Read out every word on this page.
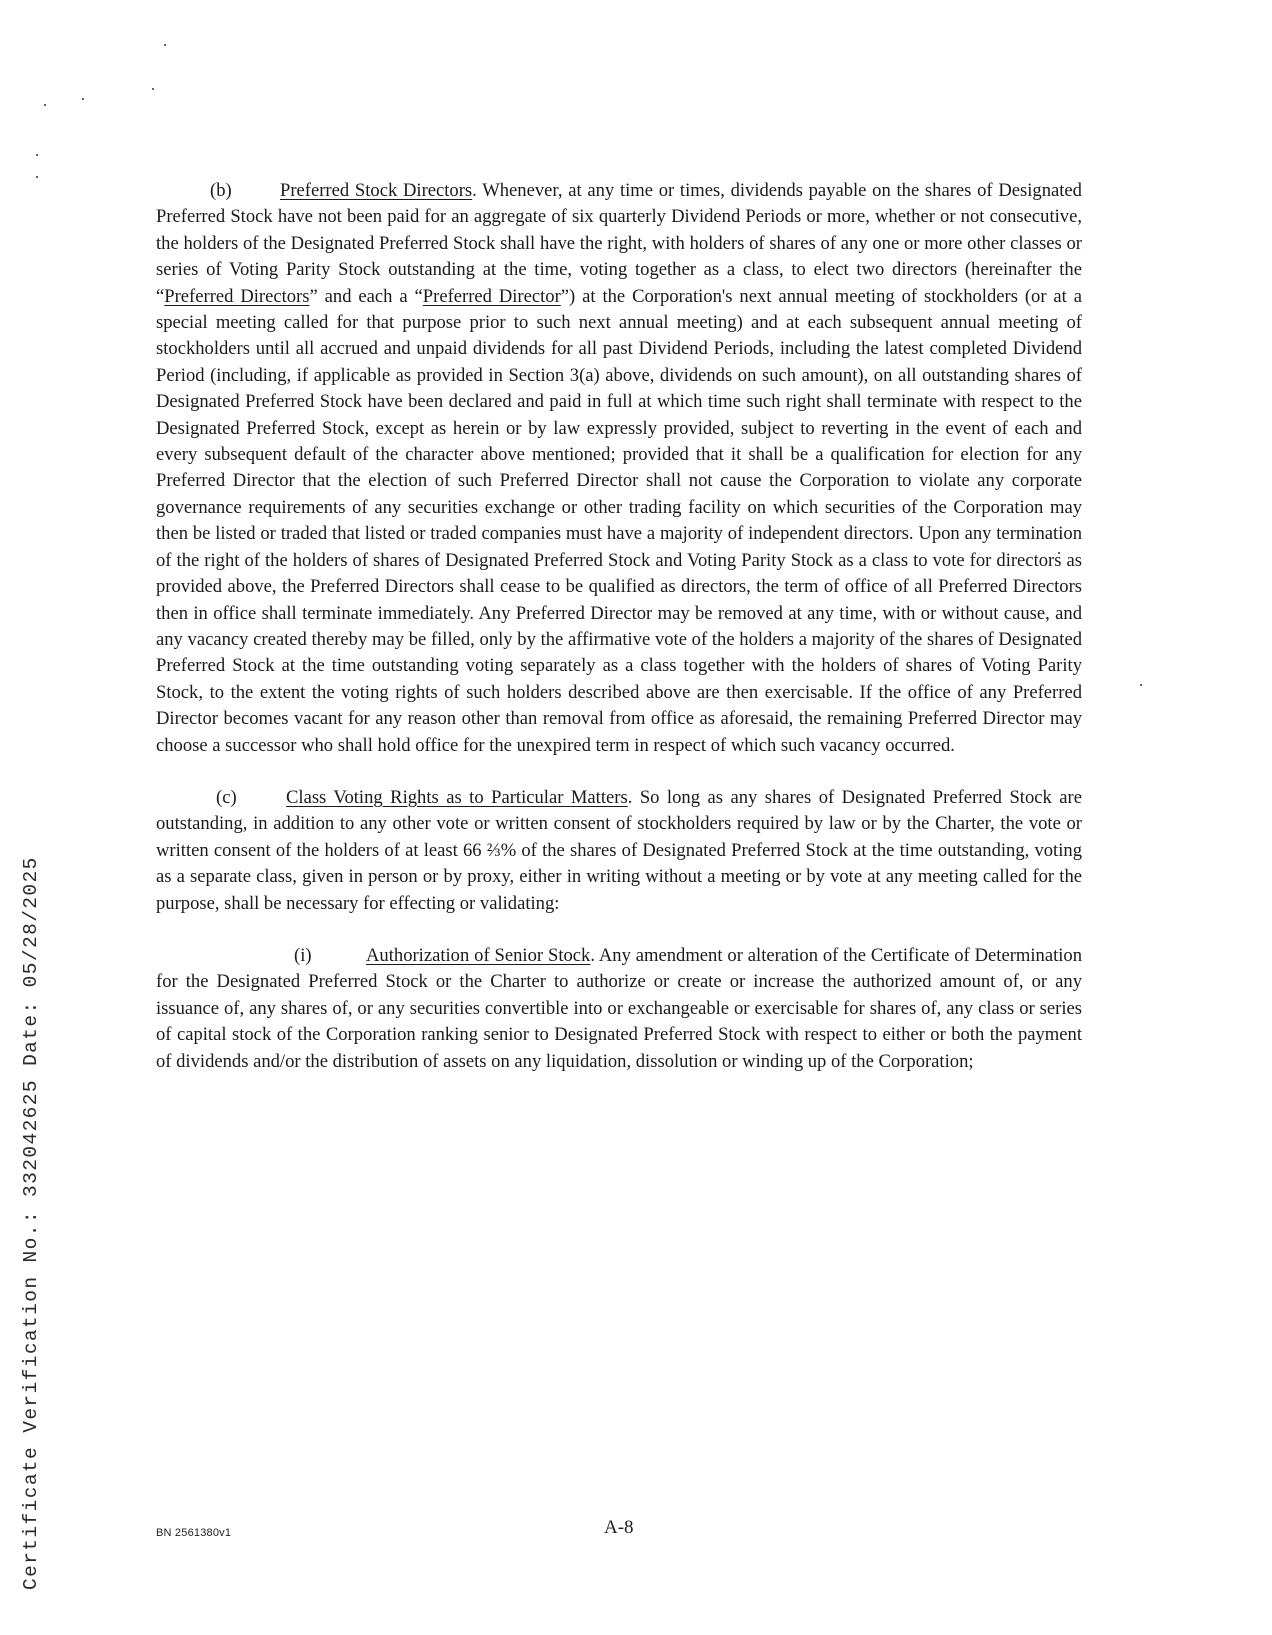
Certificate Verification No.: 332042625 Date: 05/28/2025

(b)	Preferred Stock Directors. Whenever, at any time or times, dividends payable on the shares of Designated Preferred Stock have not been paid for an aggregate of six quarterly Dividend Periods or more, whether or not consecutive, the holders of the Designated Preferred Stock shall have the right, with holders of shares of any one or more other classes or series of Voting Parity Stock outstanding at the time, voting together as a class, to elect two directors (hereinafter the “Preferred Directors” and each a “Preferred Director”) at the Corporation's next annual meeting of stockholders (or at a special meeting called for that purpose prior to such next annual meeting) and at each subsequent annual meeting of stockholders until all accrued and unpaid dividends for all past Dividend Periods, including the latest completed Dividend Period (including, if applicable as provided in Section 3(a) above, dividends on such amount), on all outstanding shares of Designated Preferred Stock have been declared and paid in full at which time such right shall terminate with respect to the Designated Preferred Stock, except as herein or by law expressly provided, subject to reverting in the event of each and every subsequent default of the character above mentioned; provided that it shall be a qualification for election for any Preferred Director that the election of such Preferred Director shall not cause the Corporation to violate any corporate governance requirements of any securities exchange or other trading facility on which securities of the Corporation may then be listed or traded that listed or traded companies must have a majority of independent directors. Upon any termination of the right of the holders of shares of Designated Preferred Stock and Voting Parity Stock as a class to vote for directors as provided above, the Preferred Directors shall cease to be qualified as directors, the term of office of all Preferred Directors then in office shall terminate immediately. Any Preferred Director may be removed at any time, with or without cause, and any vacancy created thereby may be filled, only by the affirmative vote of the holders a majority of the shares of Designated Preferred Stock at the time outstanding voting separately as a class together with the holders of shares of Voting Parity Stock, to the extent the voting rights of such holders described above are then exercisable. If the office of any Preferred Director becomes vacant for any reason other than removal from office as aforesaid, the remaining Preferred Director may choose a successor who shall hold office for the unexpired term in respect of which such vacancy occurred.

(c)	Class Voting Rights as to Particular Matters. So long as any shares of Designated Preferred Stock are outstanding, in addition to any other vote or written consent of stockholders required by law or by the Charter, the vote or written consent of the holders of at least 66 ⅔% of the shares of Designated Preferred Stock at the time outstanding, voting as a separate class, given in person or by proxy, either in writing without a meeting or by vote at any meeting called for the purpose, shall be necessary for effecting or validating:

(i)	Authorization of Senior Stock. Any amendment or alteration of the Certificate of Determination for the Designated Preferred Stock or the Charter to authorize or create or increase the authorized amount of, or any issuance of, any shares of, or any securities convertible into or exchangeable or exercisable for shares of, any class or series of capital stock of the Corporation ranking senior to Designated Preferred Stock with respect to either or both the payment of dividends and/or the distribution of assets on any liquidation, dissolution or winding up of the Corporation;

BN 2561380v1	A-8
